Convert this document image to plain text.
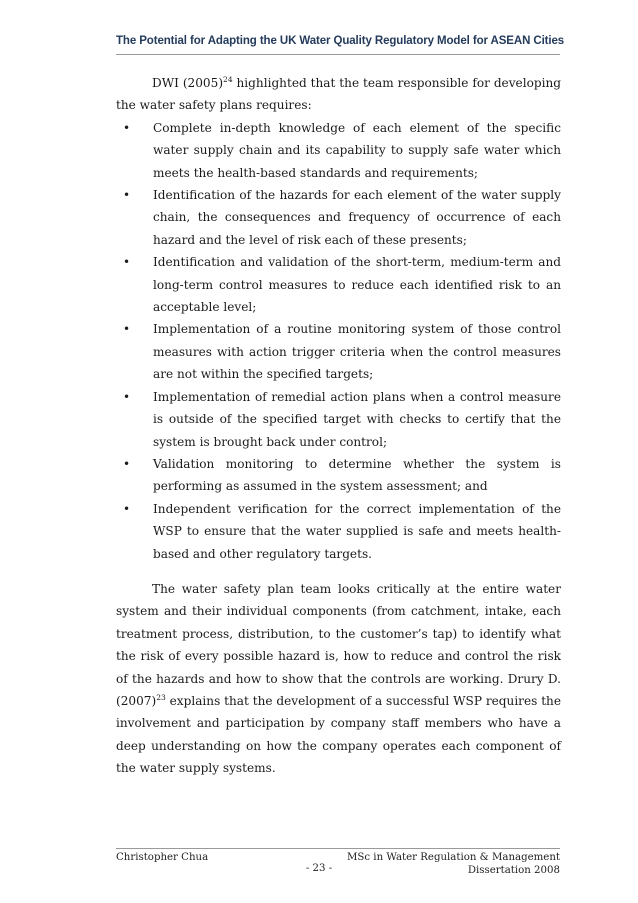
The Potential for Adapting the UK Water Quality Regulatory Model for ASEAN Cities

DWI $(2005)^{24}$ highlighted that the team responsible for developing the water safety plans requires:

• Complete in-depth knowledge of each element of the specific water supply chain and its capability to supply safe water which meets the health-based standards and requirements;
• Identification of the hazards for each element of the water supply chain, the consequences and frequency of occurrence of each hazard and the level of risk each of these presents;
• Identification and validation of the short-term, medium-term and long-term control measures to reduce each identified risk to an acceptable level;
• Implementation of a routine monitoring system of those control measures with action trigger criteria when the control measures are not within the specified targets;
• Implementation of remedial action plans when a control measure is outside of the specified target with checks to certify that the system is brought back under control;
• Validation monitoring to determine whether the system is performing as assumed in the system assessment; and
• Independent verification for the correct implementation of the WSP to ensure that the water supplied is safe and meets health-based and other regulatory targets.

The water safety plan team looks critically at the entire water system and their individual components (from catchment, intake, each treatment process, distribution, to the customer’s tap) to identify what the risk of every possible hazard is, how to reduce and control the risk of the hazards and how to show that the controls are working. Drury D. $(2007)^{23}$ explains that the development of a successful WSP requires the involvement and participation by company staff members who have a deep understanding on how the company operates each component of the water supply systems.

Christopher Chua
- 23 -
MSc in Water Regulation & Management
Dissertation 2008
